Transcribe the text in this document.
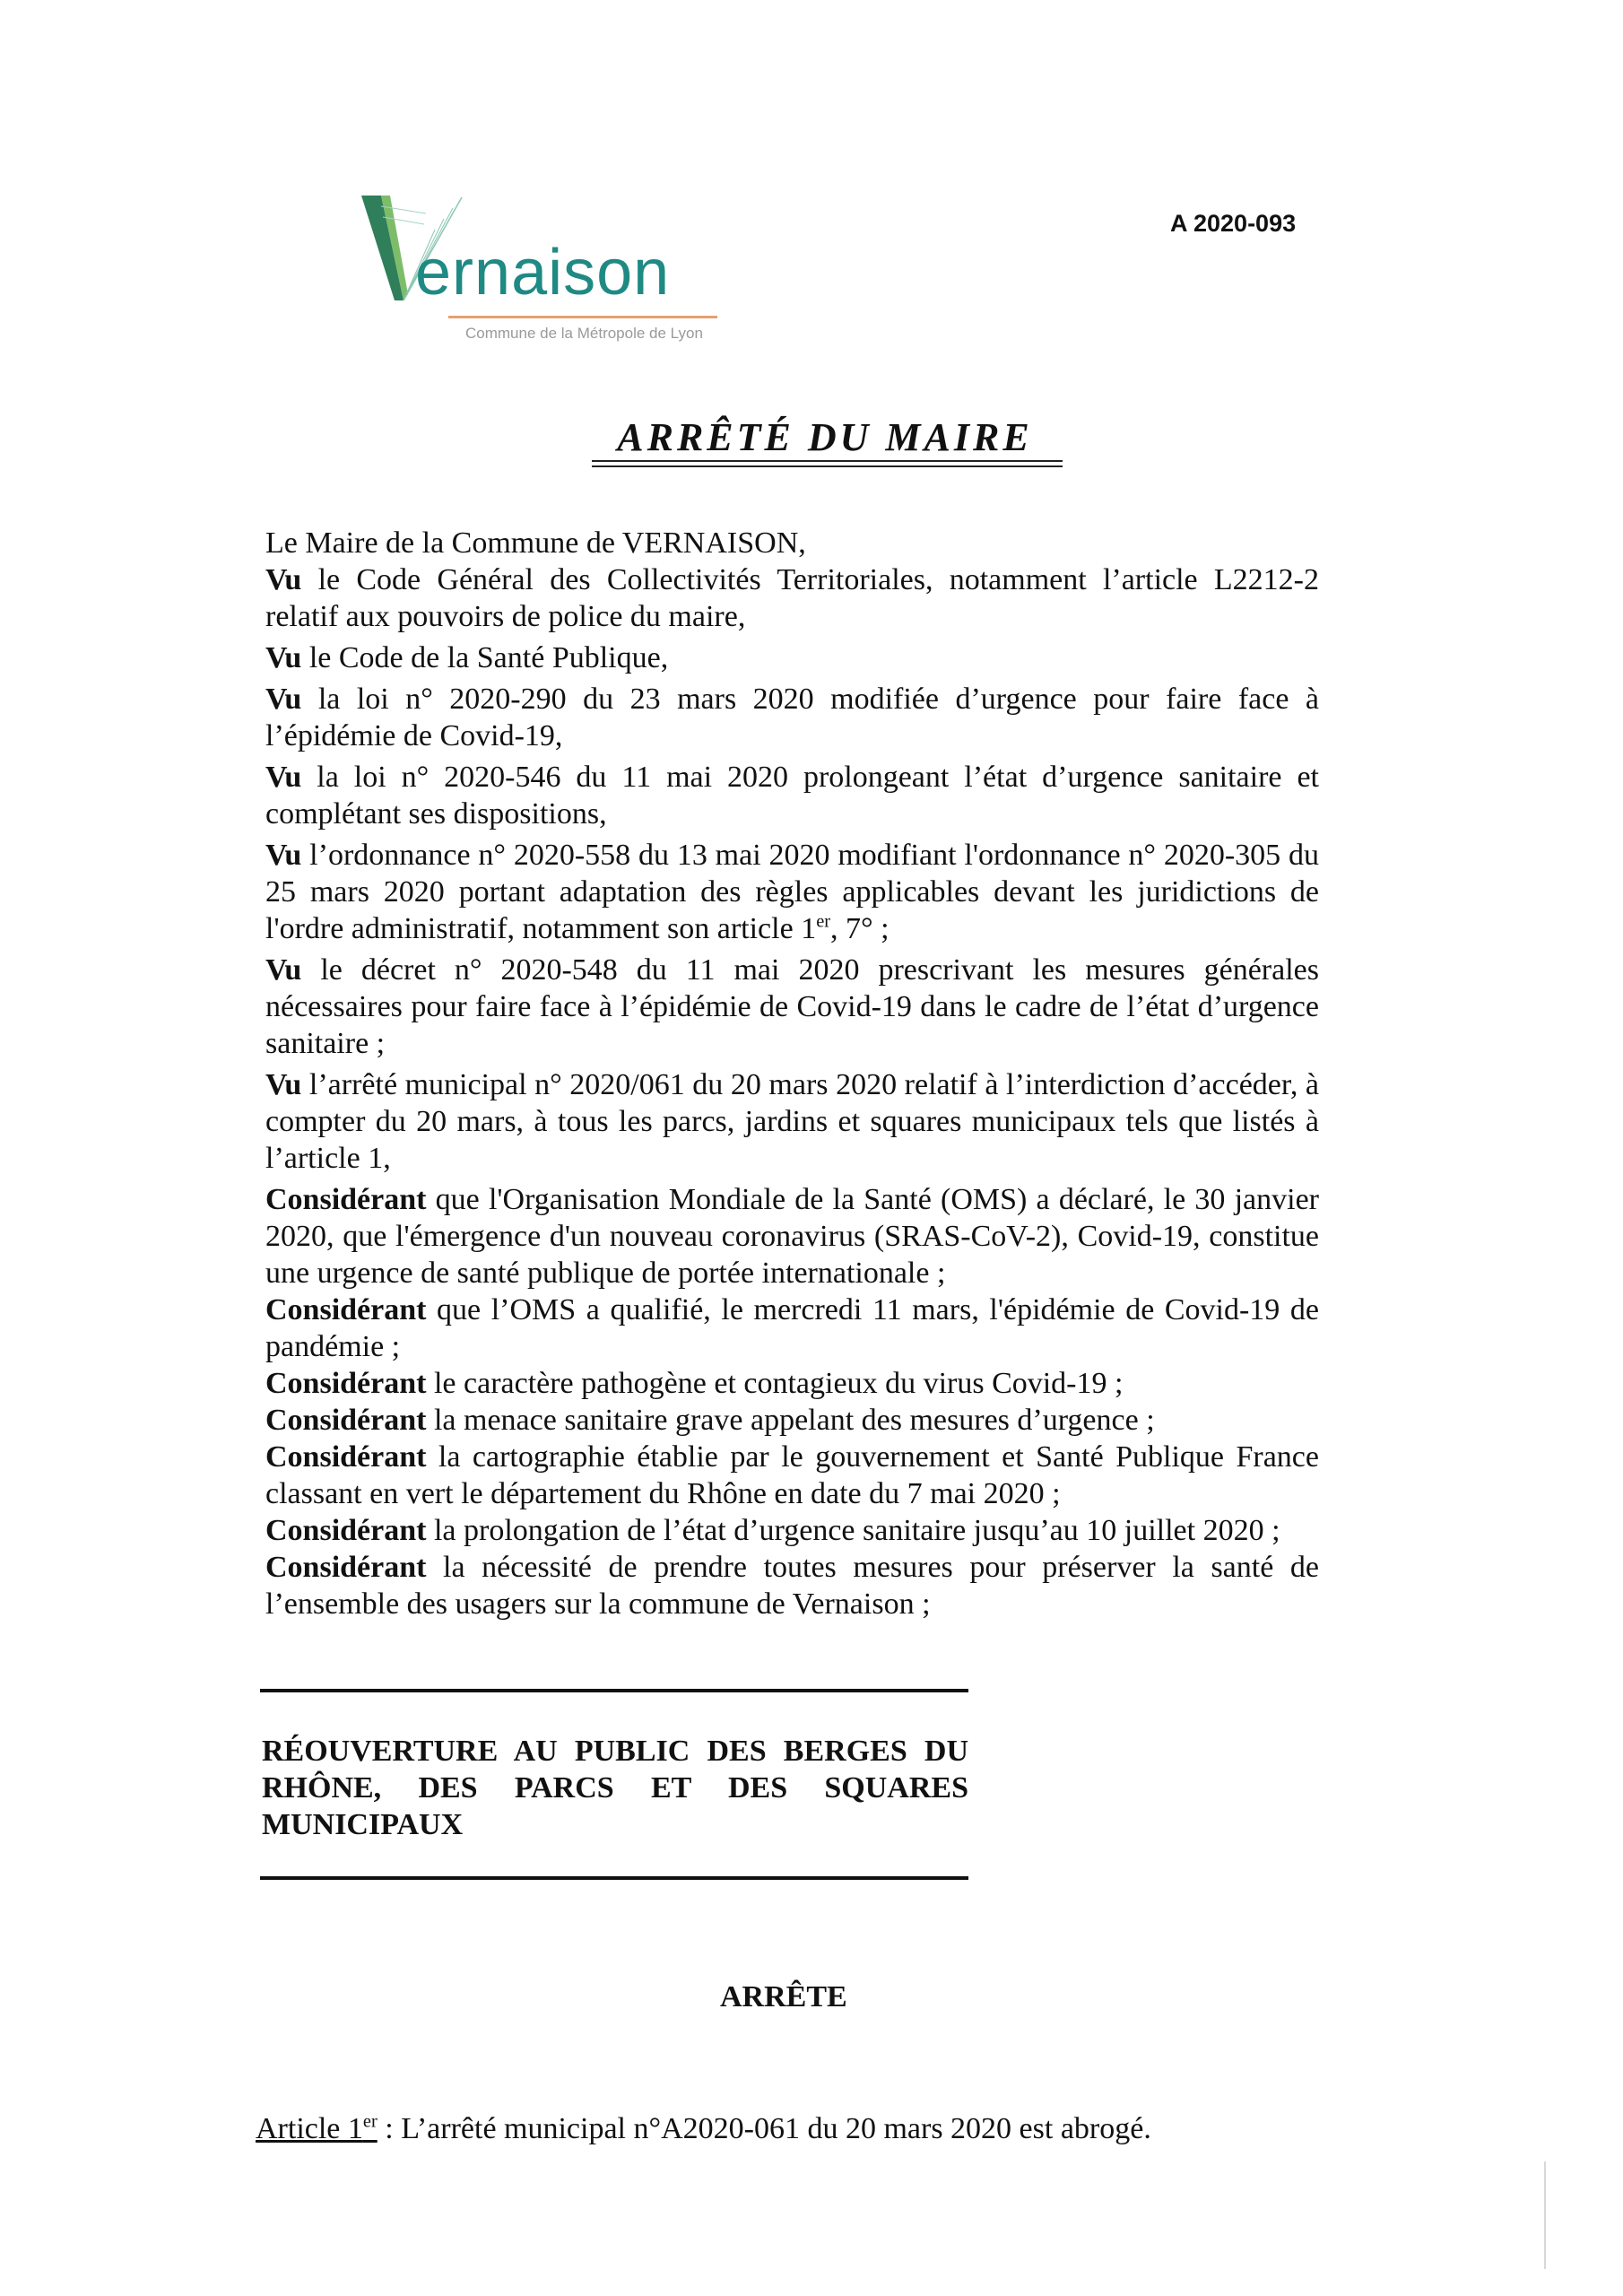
ernaison
Commune de la Métropole de Lyon
A 2020-093
ARRÊTÉ DU MAIRE

Le Maire de la Commune de VERNAISON,

Vu le Code Général des Collectivités Territoriales, notamment l’article L2212-2 relatif aux pouvoirs de police du maire,

Vu le Code de la Santé Publique,

Vu la loi n° 2020-290 du 23 mars 2020 modifiée d’urgence pour faire face à l’épidémie de Covid-19,

Vu la loi n° 2020-546 du 11 mai 2020 prolongeant l’état d’urgence sanitaire et complétant ses dispositions,

Vu l’ordonnance n° 2020-558 du 13 mai 2020 modifiant l'ordonnance n° 2020-305 du 25 mars 2020 portant adaptation des règles applicables devant les juridictions de l'ordre administratif, notamment son article 1er, 7° ;

Vu le décret n° 2020-548 du 11 mai 2020 prescrivant les mesures générales nécessaires pour faire face à l’épidémie de Covid-19 dans le cadre de l’état d’urgence sanitaire ;

Vu l’arrêté municipal n° 2020/061 du 20 mars 2020 relatif à l’interdiction d’accéder, à compter du 20 mars, à tous les parcs, jardins et squares municipaux tels que listés à l’article 1,

Considérant que l'Organisation Mondiale de la Santé (OMS) a déclaré, le 30 janvier 2020, que l'émergence d'un nouveau coronavirus (SRAS-CoV-2), Covid-19, constitue une urgence de santé publique de portée internationale ;

Considérant que l’OMS a qualifié, le mercredi 11 mars, l'épidémie de Covid-19 de pandémie ;

Considérant le caractère pathogène et contagieux du virus Covid-19 ;

Considérant la menace sanitaire grave appelant des mesures d’urgence ;

Considérant la cartographie établie par le gouvernement et Santé Publique France classant en vert le département du Rhône en date du 7 mai 2020 ;

Considérant la prolongation de l’état d’urgence sanitaire jusqu’au 10 juillet 2020 ;

Considérant la nécessité de prendre toutes mesures pour préserver la santé de l’ensemble des usagers sur la commune de Vernaison ;

RÉOUVERTURE AU PUBLIC DES BERGES DU RHÔNE, DES PARCS ET DES SQUARES MUNICIPAUX
ARRÊTE
Article 1er : L’arrêté municipal n°A2020-061 du 20 mars 2020 est abrogé.
